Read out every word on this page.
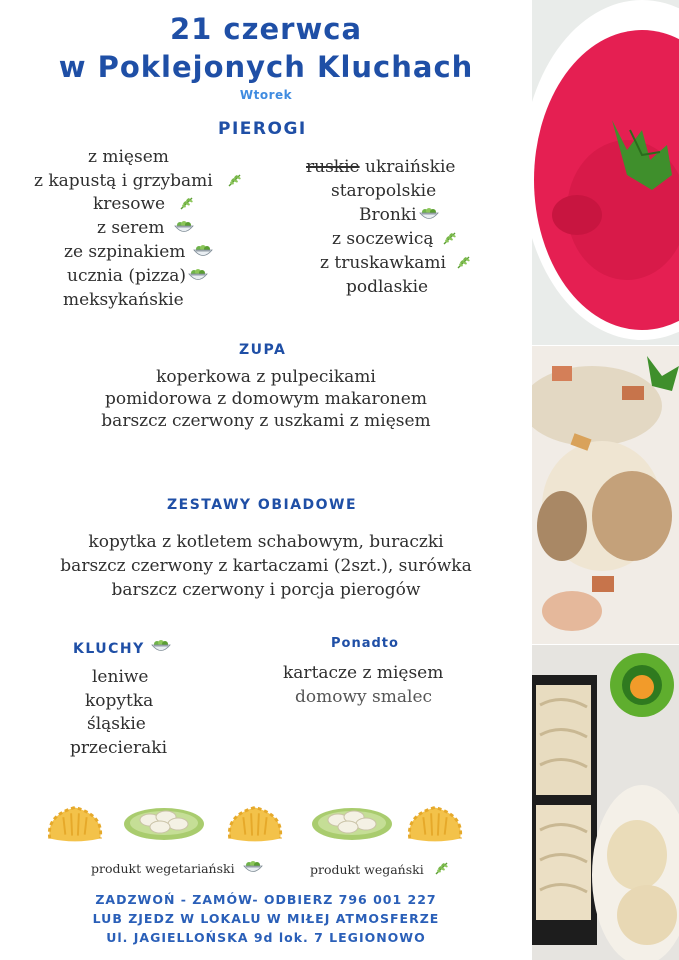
21 czerwca
w Poklejonych Kluchach
Wtorek
PIEROGI
z mięsem
z kapustą i grzybami
kresowe
z serem
ze szpinakiem
ucznia (pizza)
meksykańskie
ruskie ukraińskie
staropolskie
Bronki
z soczewicą
z truskawkami
podlaskie
ZUPA
koperkowa z pulpecikami
pomidorowa z domowym makaronem
barszcz czerwony z uszkami z mięsem
ZESTAWY OBIADOWE
kopytka z kotletem schabowym, buraczki
barszcz czerwony z kartaczami (2szt.), surówka
barszcz czerwony i porcja pierogów
KLUCHY
leniwe
kopytka
śląskie
przecieraki
Ponadto
kartacze z mięsem
domowy smalec
produkt wegetariański	produkt wegański
ZADZWOŃ - ZAMÓW- ODBIERZ 796 001 227
LUB ZJEDZ W LOKALU W MIŁEJ ATMOSFERZE
Ul. JAGIELLOŃSKA 9d lok. 7 LEGIONOWO
